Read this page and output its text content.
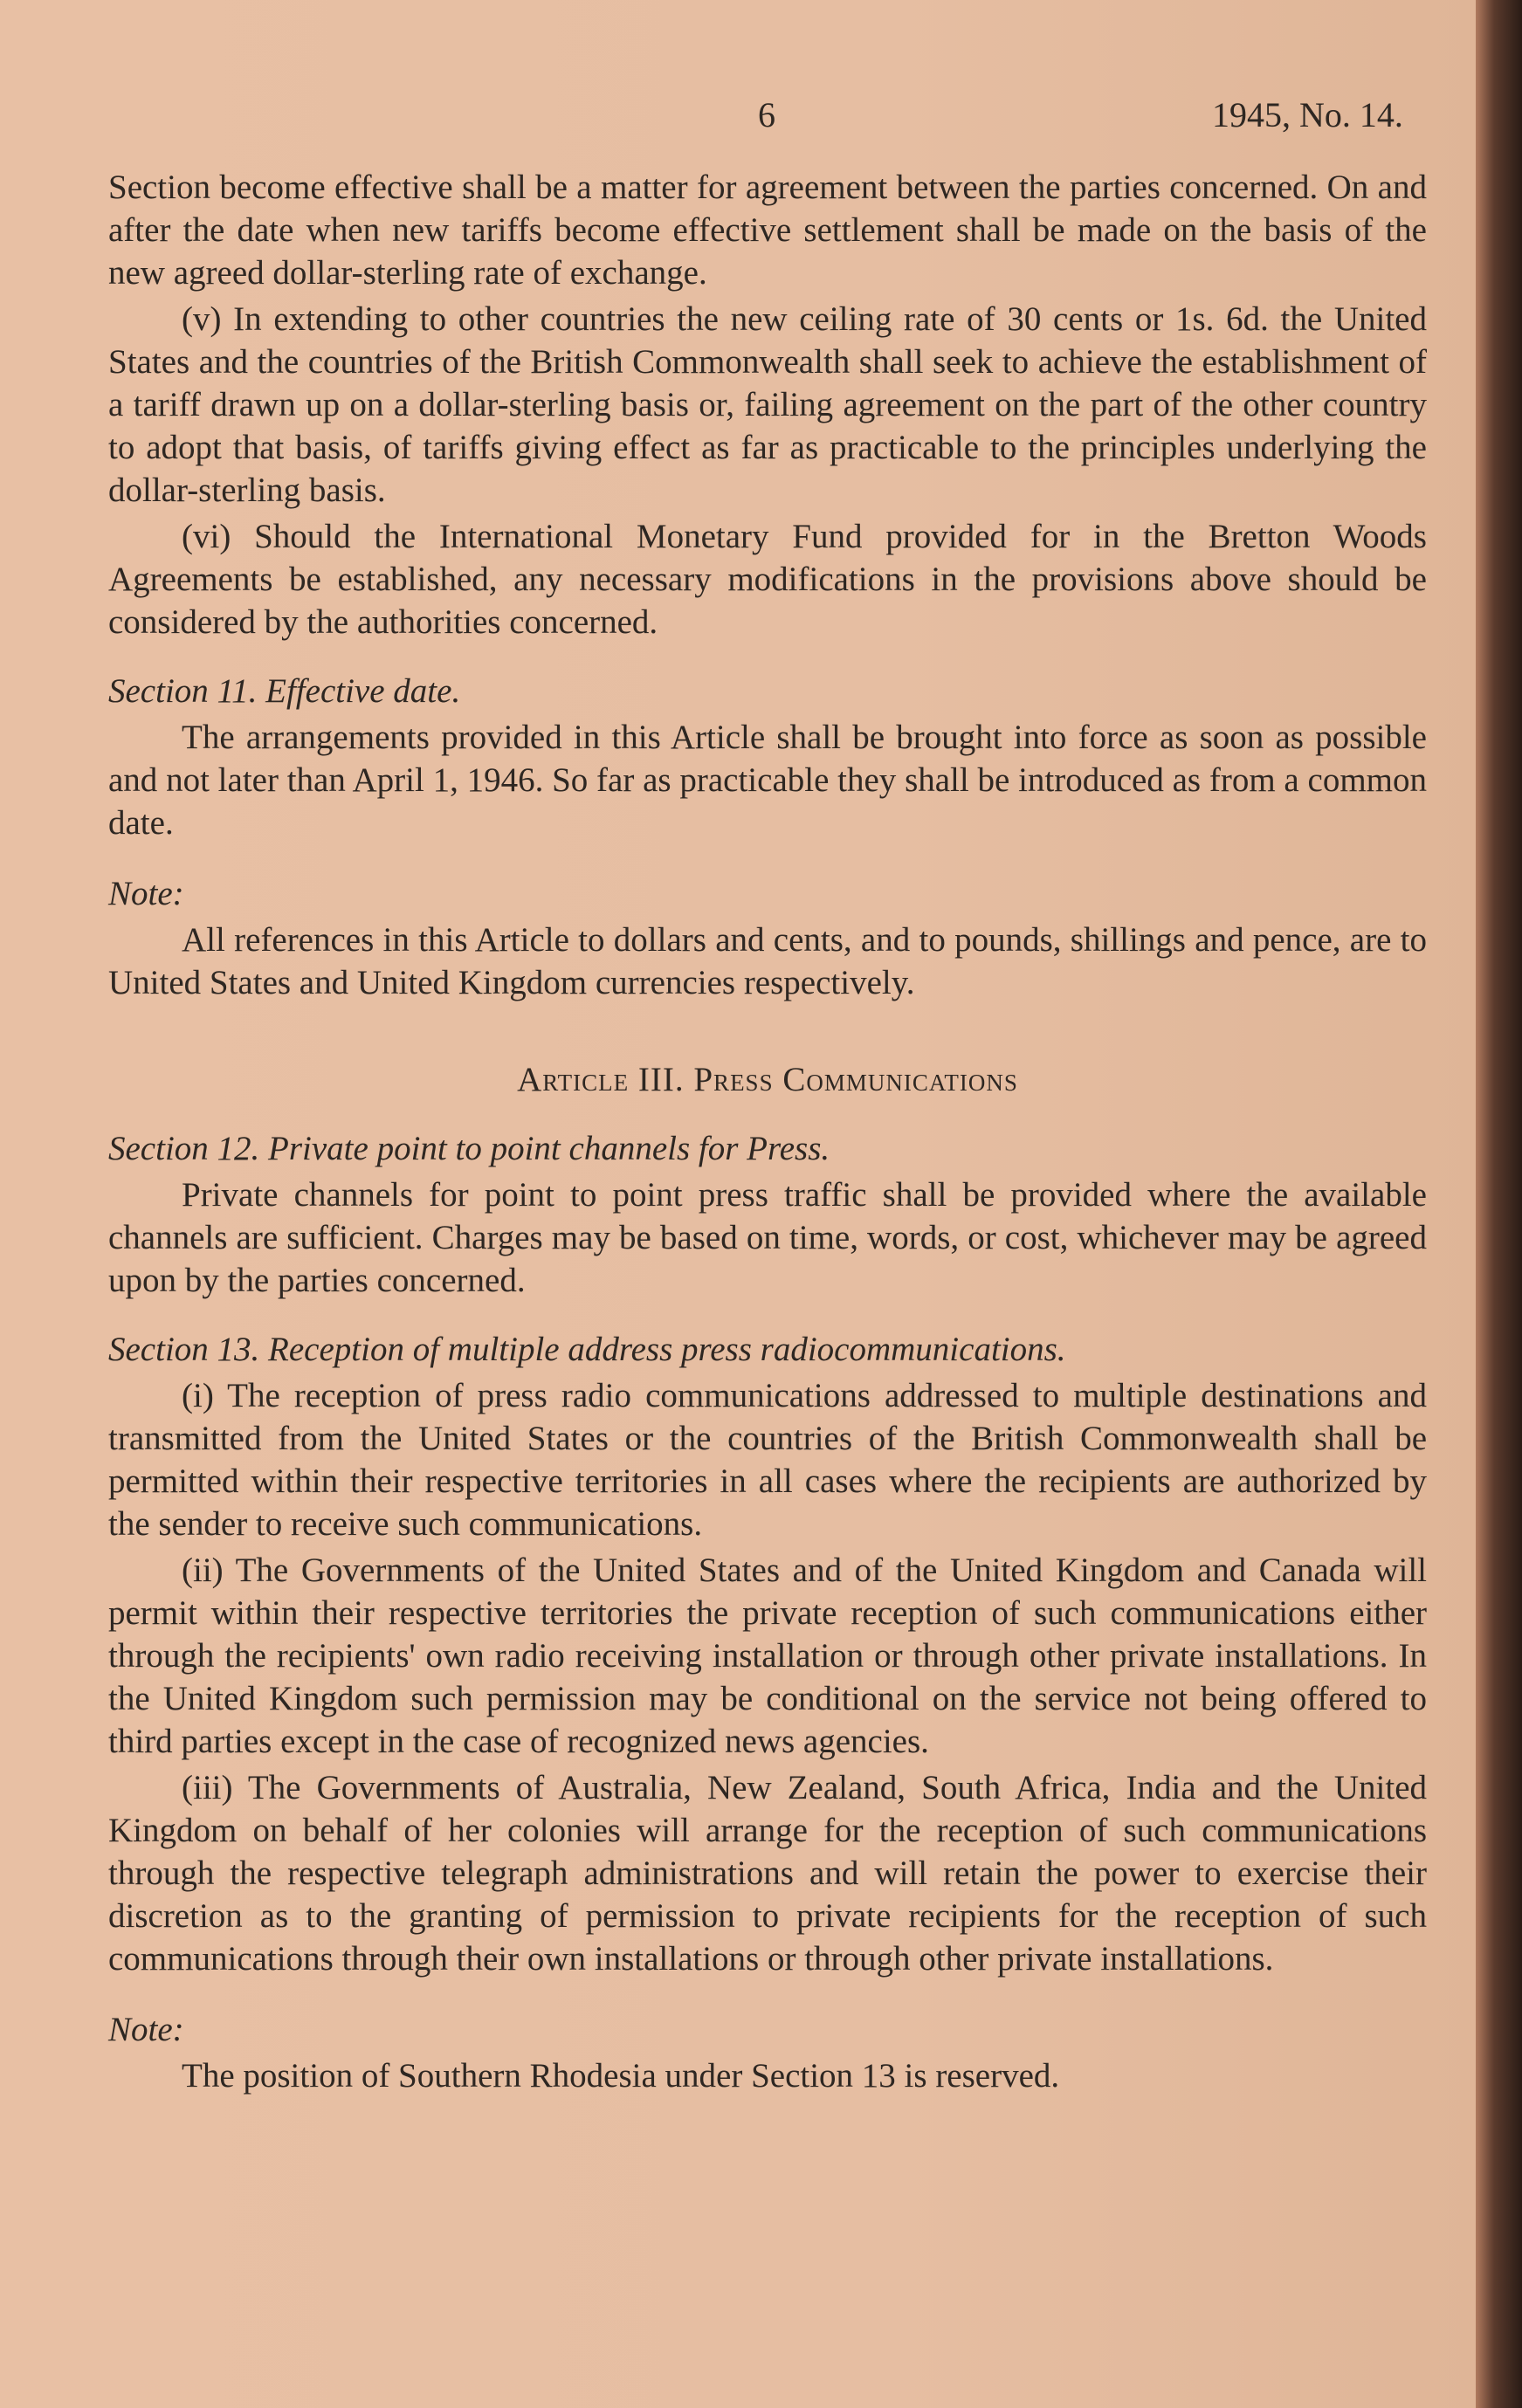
6	1945, No. 14.

Section become effective shall be a matter for agreement between the parties concerned. On and after the date when new tariffs become effective settlement shall be made on the basis of the new agreed dollar-sterling rate of exchange.

(v) In extending to other countries the new ceiling rate of 30 cents or 1s. 6d. the United States and the countries of the British Commonwealth shall seek to achieve the establishment of a tariff drawn up on a dollar-sterling basis or, failing agreement on the part of the other country to adopt that basis, of tariffs giving effect as far as practicable to the principles underlying the dollar-sterling basis.

(vi) Should the International Monetary Fund provided for in the Bretton Woods Agreements be established, any necessary modifications in the provisions above should be considered by the authorities concerned.

Section 11. Effective date.

The arrangements provided in this Article shall be brought into force as soon as possible and not later than April 1, 1946. So far as practicable they shall be introduced as from a common date.

Note:

All references in this Article to dollars and cents, and to pounds, shillings and pence, are to United States and United Kingdom currencies respectively.

Article III. Press Communications

Section 12. Private point to point channels for Press.

Private channels for point to point press traffic shall be provided where the available channels are sufficient. Charges may be based on time, words, or cost, whichever may be agreed upon by the parties concerned.

Section 13. Reception of multiple address press radiocommunications.

(i) The reception of press radio communications addressed to multiple destinations and transmitted from the United States or the countries of the British Commonwealth shall be permitted within their respective territories in all cases where the recipients are authorized by the sender to receive such communications.

(ii) The Governments of the United States and of the United Kingdom and Canada will permit within their respective territories the private reception of such communications either through the recipients' own radio receiving installation or through other private installations. In the United Kingdom such permission may be conditional on the service not being offered to third parties except in the case of recognized news agencies.

(iii) The Governments of Australia, New Zealand, South Africa, India and the United Kingdom on behalf of her colonies will arrange for the reception of such communications through the respective telegraph administrations and will retain the power to exercise their discretion as to the granting of permission to private recipients for the reception of such communications through their own installations or through other private installations.

Note:

The position of Southern Rhodesia under Section 13 is reserved.
